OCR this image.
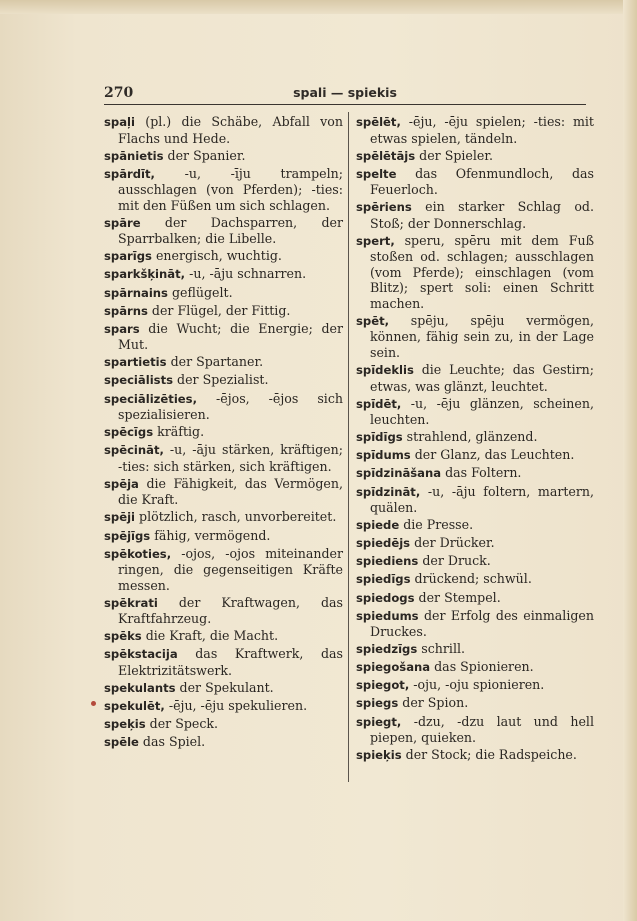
270	spali — spiekis

spaļi (pl.) die Schäbe, Abfall von Flachs und Hede.

spānietis der Spanier.

spārdīt, -u, -īju trampeln; ausschlagen (von Pferden); -ties: mit den Füßen um sich schlagen.

spāre der Dachsparren, der Sparrbalken; die Libelle.

sparīgs energisch, wuchtig.

sparkšķināt, -u, -āju schnarren.

spārnains geflügelt.

spārns der Flügel, der Fittig.

spars die Wucht; die Energie; der Mut.

spartietis der Spartaner.

speciālists der Spezialist.

speciālizēties, -ējos, -ējos sich spezialisieren.

spēcīgs kräftig.

spēcināt, -u, -āju stärken, kräftigen; -ties: sich stärken, sich kräftigen.

spēja die Fähigkeit, das Vermögen, die Kraft.

spēji plötzlich, rasch, unvorbereitet.

spējīgs fähig, vermögend.

spēkoties, -ojos, -ojos miteinander ringen, die gegenseitigen Kräfte messen.

spēkrati der Kraftwagen, das Kraftfahrzeug.

spēks die Kraft, die Macht.

spēkstacija das Kraftwerk, das Elektrizitätswerk.

spekulants der Spekulant.

spekulēt, -ēju, -ēju spekulieren.

speķis der Speck.

spēle das Spiel.

spēlēt, -ēju, -ēju spielen; -ties: mit etwas spielen, tändeln.

spēlētājs der Spieler.

spelte das Ofenmundloch, das Feuerloch.

spēriens ein starker Schlag od. Stoß; der Donnerschlag.

spert, speru, spēru mit dem Fuß stoßen od. schlagen; ausschlagen (vom Pferde); einschlagen (vom Blitz); spert soli: einen Schritt machen.

spēt, spēju, spēju vermögen, können, fähig sein zu, in der Lage sein.

spīdeklis die Leuchte; das Gestirn; etwas, was glänzt, leuchtet.

spīdēt, -u, -ēju glänzen, scheinen, leuchten.

spīdīgs strahlend, glänzend.

spīdums der Glanz, das Leuchten.

spīdzināšana das Foltern.

spīdzināt, -u, -āju foltern, martern, quälen.

spiede die Presse.

spiedējs der Drücker.

spiediens der Druck.

spiedīgs drückend; schwül.

spiedogs der Stempel.

spiedums der Erfolg des einmaligen Druckes.

spiedzīgs schrill.

spiegošana das Spionieren.

spiegot, -oju, -oju spionieren.

spiegs der Spion.

spiegt, -dzu, -dzu laut und hell piepen, quieken.

spieķis der Stock; die Radspeiche.
